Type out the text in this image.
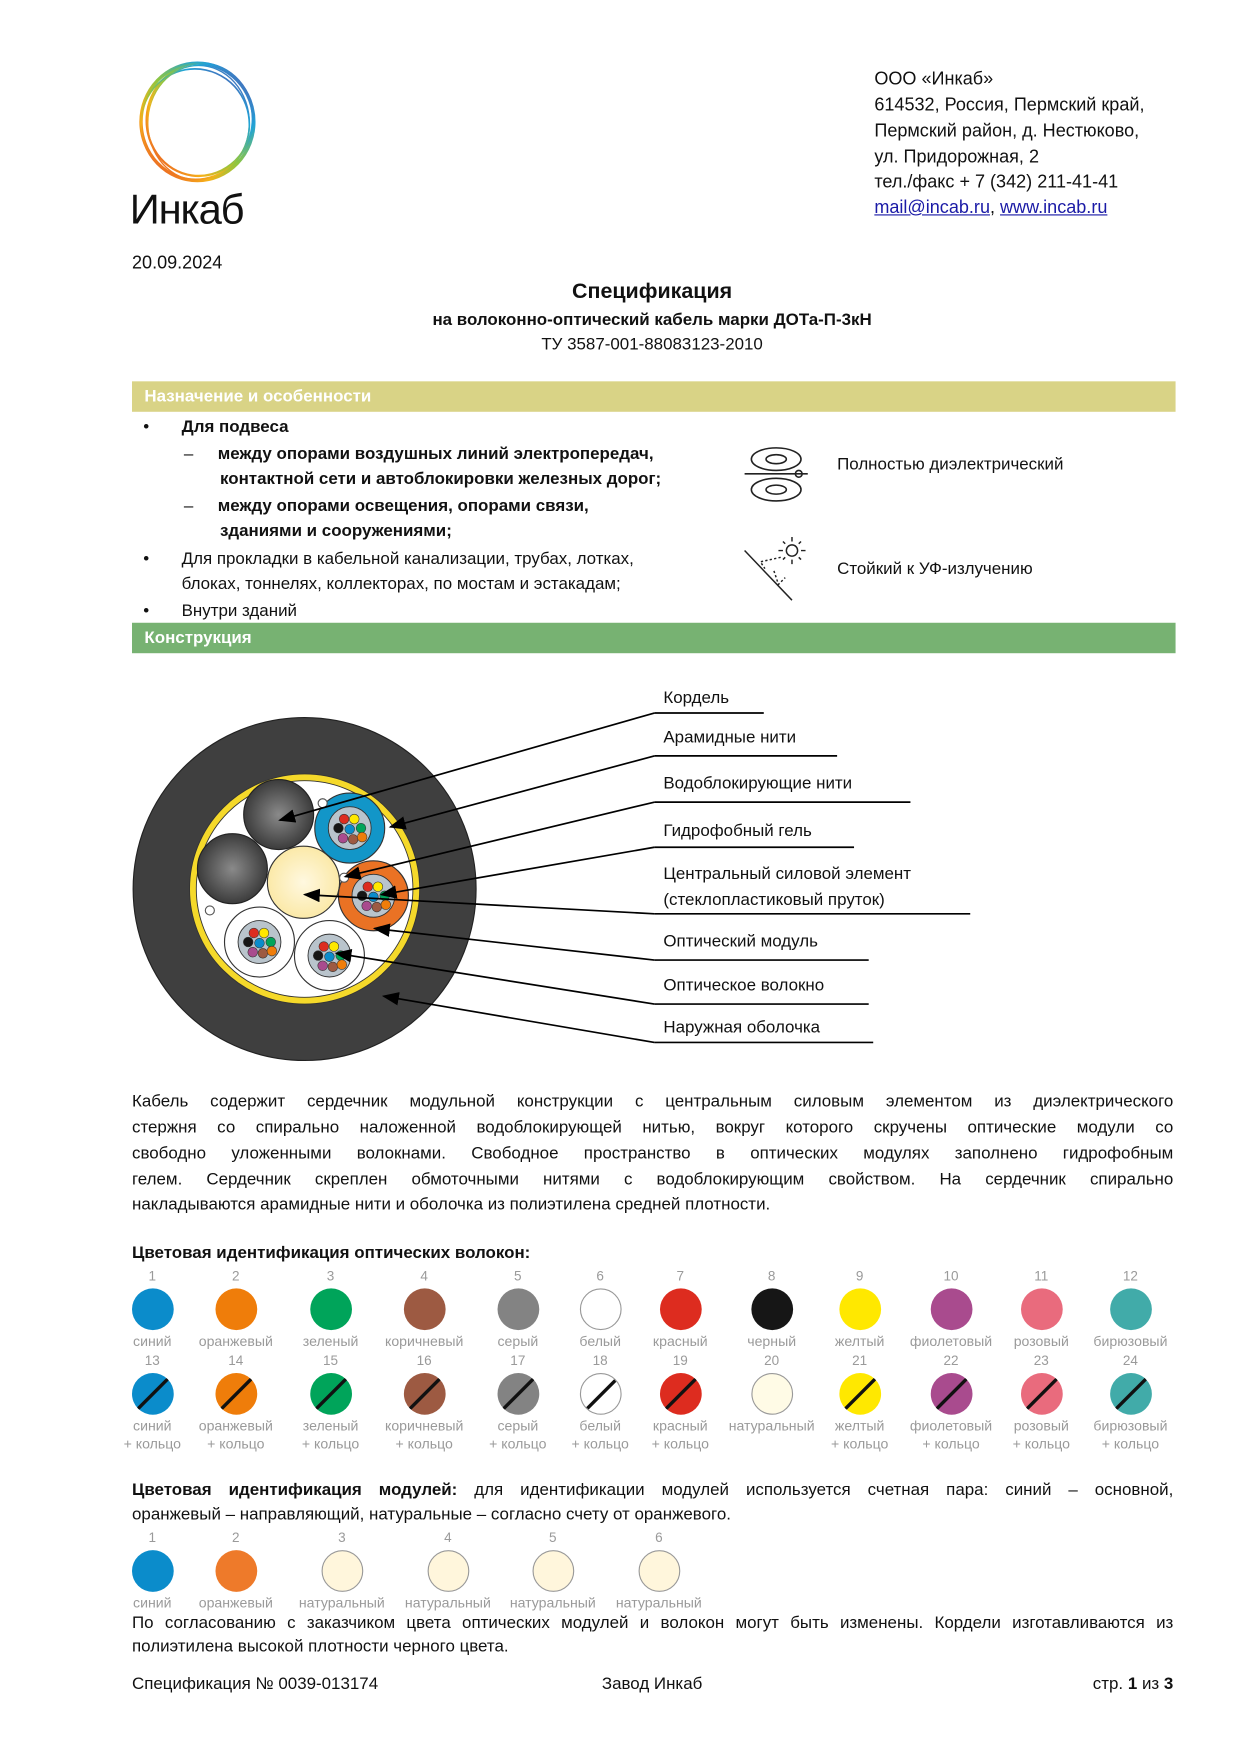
Инкаб
ООО «Инкаб»
614532, Россия, Пермский край,
Пермский район, д. Нестюково,
ул. Придорожная, 2
тел./факс + 7 (342) 211-41-41
mail@incab.ru, www.incab.ru
20.09.2024
Спецификация
на волоконно-оптический кабель марки ДОТа-П-3кН
ТУ 3587-001-88083123-2010
Назначение и особенности
• Для подвеса
– между опорами воздушных линий электропередач,
контактной сети и автоблокировки железных дорог;
– между опорами освещения, опорами связи,
зданиями и сооружениями;
• Для прокладки в кабельной канализации, трубах, лотках,
блоках, тоннелях, коллекторах, по мостам и эстакадам;
• Внутри зданий
Полностью диэлектрический
Стойкий к УФ-излучению
Конструкция
Кордель
Арамидные нити
Водоблокирующие нити
Гидрофобный гель
Центральный силовой элемент
(стеклопластиковый пруток)
Оптический модуль
Оптическое волокно
Наружная оболочка
Кабель содержит сердечник модульной конструкции с центральным силовым элементом из диэлектрического
стержня со спирально наложенной водоблокирующей нитью, вокруг которого скручены оптические модули со
свободно уложенными волокнами. Свободное пространство в оптических модулях заполнено гидрофобным
гелем. Сердечник скреплен обмоточными нитями с водоблокирующим свойством. На сердечник спирально
накладываются арамидные нити и оболочка из полиэтилена средней плотности.
Цветовая идентификация оптических волокон:
1
синий
2
оранжевый
3
зеленый
4
коричневый
5
серый
6
белый
7
красный
8
черный
9
желтый
10
фиолетовый
11
розовый
12
бирюзовый
13
синий
+ кольцо
14
оранжевый
+ кольцо
15
зеленый
+ кольцо
16
коричневый
+ кольцо
17
серый
+ кольцо
18
белый
+ кольцо
19
красный
+ кольцо
20
натуральный
21
желтый
+ кольцо
22
фиолетовый
+ кольцо
23
розовый
+ кольцо
24
бирюзовый
+ кольцо
Цветовая идентификация модулей: для идентификации модулей используется счетная пара: синий – основной,
оранжевый – направляющий, натуральные – согласно счету от оранжевого.
1
синий
2
оранжевый
3
натуральный
4
натуральный
5
натуральный
6
натуральный
По согласованию с заказчиком цвета оптических модулей и волокон могут быть изменены. Кордели изготавливаются из
полиэтилена высокой плотности черного цвета.
Спецификация № 0039-013174	Завод Инкаб	стр. 1 из 3
